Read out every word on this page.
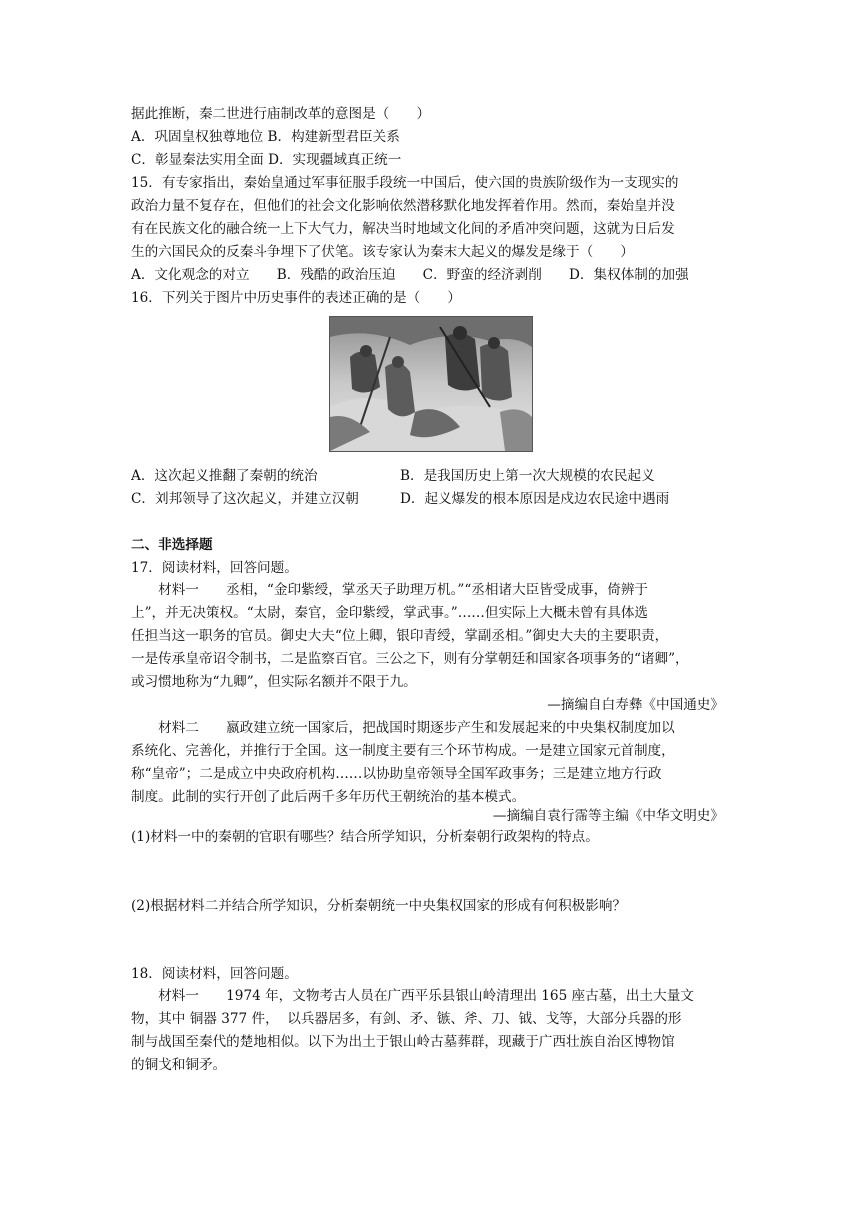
据此推断，秦二世进行庙制改革的意图是（　　）
A．巩固皇权独尊地位 B．构建新型君臣关系
C．彰显秦法实用全面 D．实现疆域真正统一
15．有专家指出，秦始皇通过军事征服手段统一中国后，使六国的贵族阶级作为一支现实的
政治力量不复存在，但他们的社会文化影响依然潜移默化地发挥着作用。然而，秦始皇并没
有在民族文化的融合统一上下大气力，解决当时地域文化间的矛盾冲突问题，这就为日后发
生的六国民众的反秦斗争埋下了伏笔。该专家认为秦末大起义的爆发是缘于（　　）
A．文化观念的对立　　B．残酷的政治压迫　　C．野蛮的经济剥削　　D．集权体制的加强
16．下列关于图片中历史事件的表述正确的是（　　）
A．这次起义推翻了秦朝的统治	B．是我国历史上第一次大规模的农民起义
C．刘邦领导了这次起义，并建立汉朝	D．起义爆发的根本原因是戍边农民途中遇雨
二、非选择题
17．阅读材料，回答问题。
　　材料一　　丞相，“金印紫绶，掌丞天子助理万机。”“丞相诸大臣皆受成事，倚辨于
上”，并无决策权。“太尉，秦官，金印紫绶，掌武事。”……但实际上大概未曾有具体选
任担当这一职务的官员。御史大夫“位上卿，银印青绶，掌副丞相。”御史大夫的主要职责，
一是传承皇帝诏令制书，二是监察百官。三公之下，则有分掌朝廷和国家各项事务的“诸卿”，
或习惯地称为“九卿”，但实际名额并不限于九。
—摘编自白寿彝《中国通史》
　　材料二　　嬴政建立统一国家后，把战国时期逐步产生和发展起来的中央集权制度加以
系统化、完善化，并推行于全国。这一制度主要有三个环节构成。一是建立国家元首制度，
称“皇帝”；二是成立中央政府机构……以协助皇帝领导全国军政事务；三是建立地方行政
制度。此制的实行开创了此后两千多年历代王朝统治的基本模式。
—摘编自袁行霈等主编《中华文明史》
(1)材料一中的秦朝的官职有哪些？结合所学知识，分析秦朝行政架构的特点。
(2)根据材料二并结合所学知识，分析秦朝统一中央集权国家的形成有何积极影响？
18．阅读材料，回答问题。
　　材料一　　1974 年，文物考古人员在广西平乐县银山岭清理出 165 座古墓，出土大量文
物，其中 铜器 377 件，  以兵器居多，有剑、矛、镞、斧、刀、钺、戈等，大部分兵器的形
制与战国至秦代的楚地相似。以下为出土于银山岭古墓葬群，现藏于广西壮族自治区博物馆
的铜戈和铜矛。
